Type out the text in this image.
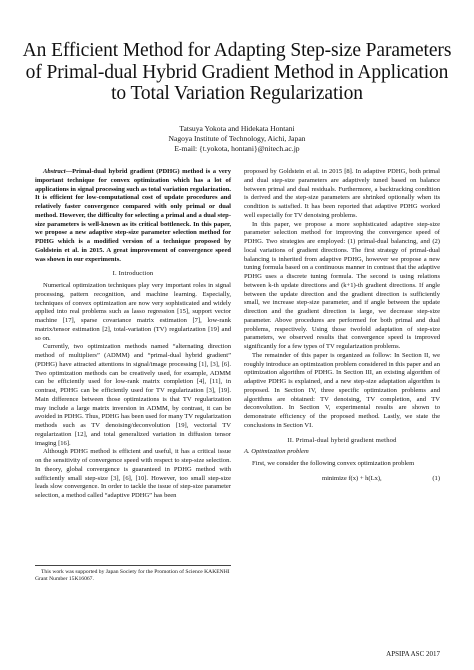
An Efficient Method for Adapting Step-size Parameters of Primal-dual Hybrid Gradient Method in Application to Total Variation Regularization
Tatsuya Yokota and Hidekata Hontani
Nagoya Institute of Technology, Aichi, Japan
E-mail: {t.yokota, hontani}@nitech.ac.jp

Abstract—Primal-dual hybrid gradient (PDHG) method is a very important technique for convex optimization which has a lot of applications in signal processing such as total variation regularization. It is efficient for low-computational cost of update procedures and relatively faster convergence compared with only primal or dual method. However, the difficulty for selecting a primal and a dual step-size parameters is well-known as its critical bottleneck. In this paper, we propose a new adaptive step-size parameter selection method for PDHG which is a modified version of a technique proposed by Goldstein et al. in 2015. A great improvement of convergence speed was shown in our experiments.

I. Introduction

Numerical optimization techniques play very important roles in signal processing, pattern recognition, and machine learning. Especially, techniques of convex optimization are now very sophisticated and widely applied into real problems such as lasso regression [15], support vector machine [17], sparse covariance matrix estimation [7], low-rank matrix/tensor estimation [2], total-variation (TV) regularization [19] and so on.

Currently, two optimization methods named “alternating direction method of multipliers” (ADMM) and “primal-dual hybrid gradient” (PDHG) have attracted attentions in signal/image processing [1], [3], [6]. Two optimization methods can be creatively used, for example, ADMM can be efficiently used for low-rank matrix completion [4], [11], in contrast, PDHG can be efficiently used for TV regularization [3], [19]. Main difference between those optimizations is that TV regularization may include a large matrix inversion in ADMM, by contrast, it can be avoided in PDHG. Thus, PDHG has been used for many TV regularization methods such as TV denoising/deconvolution [19], vectorial TV regularization [12], and total generalized variation in diffusion tensor imaging [16].

Although PDHG method is efficient and useful, it has a critical issue on the sensitivity of convergence speed with respect to step-size selection. In theory, global convergence is guaranteed in PDHG method with sufficiently small step-size [3], [6], [10]. However, too small step-size leads slow convergence. In order to tackle the issue of step-size parameter selection, a method called “adaptive PDHG” has been

This work was supported by Japan Society for the Promotion of Science KAKENHI Grant Number 15K16067.

proposed by Goldstein et al. in 2015 [8]. In adaptive PDHG, both primal and dual step-size parameters are adaptively tuned based on balance between primal and dual residuals. Furthermore, a backtracking condition is derived and the step-size parameters are shrinked optionally when its condition is satisfied. It has been reported that adaptive PDHG worked well especially for TV denoising problems.

In this paper, we propose a more sophisticated adaptive step-size parameter selection method for improving the convergence speed of PDHG. Two strategies are employed: (1) primal-dual balancing, and (2) local variations of gradient directions. The first strategy of primal-dual balancing is inherited from adaptive PDHG, however we propose a new tuning formula based on a continuous manner in contrast that the adaptive PDHG uses a discrete tuning formula. The second is using relations between k-th update directions and (k+1)-th gradient directions. If angle between the update direction and the gradient direction is sufficiently small, we increase step-size parameter, and if angle between the update direction and the gradient direction is large, we decrease step-size parameter. Above procedures are performed for both primal and dual problems, respectively. Using those twofold adaptation of step-size parameters, we observed results that convergence speed is improved significantly for a few types of TV regularization problems.

The remainder of this paper is organized as follow: In Section II, we roughly introduce an optimization problem considered in this paper and an optimization algorithm of PDHG. In Section III, an existing algorithm of adaptive PDHG is explained, and a new step-size adaptation algorithm is proposed. In Section IV, three specific optimization problems and algorithms are obtained: TV denoising, TV completion, and TV deconvolution. In Section V, experimental results are shown to demonstrate efficiency of the proposed method. Lastly, we state the conclusions in Section VI.

II. Primal-dual hybrid gradient method
A. Optimization problem

First, we consider the following convex optimization problem

minimize f(x) + h(Lx),	(1)
APSIPA ASC 2017
